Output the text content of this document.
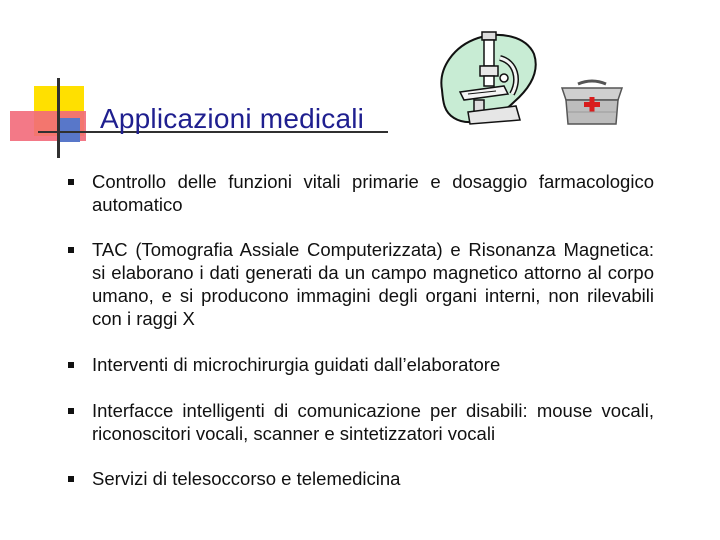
Applicazioni medicali
Controllo delle funzioni vitali primarie e dosaggio farmacologico automatico
TAC (Tomografia Assiale Computerizzata) e Risonanza Magnetica: si elaborano i dati generati da un campo magnetico attorno al corpo umano, e si producono immagini degli organi interni, non rilevabili con i raggi X
Interventi di microchirurgia guidati dall’elaboratore
Interfacce intelligenti di comunicazione per disabili: mouse vocali, riconoscitori vocali, scanner e sintetizzatori vocali
Servizi di telesoccorso e telemedicina
